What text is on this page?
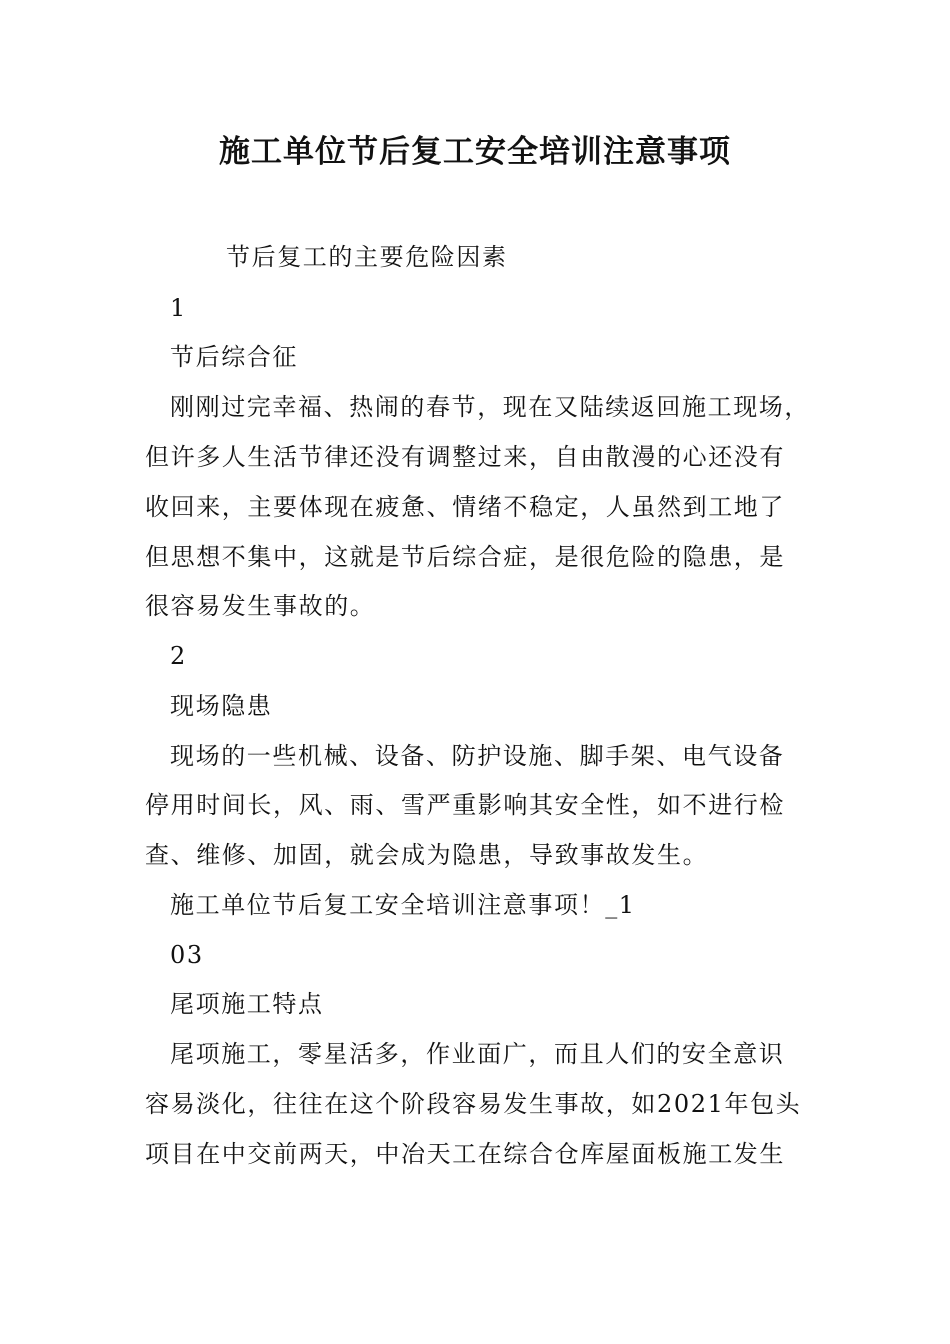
施工单位节后复工安全培训注意事项
节后复工的主要危险因素
1
节后综合征
刚刚过完幸福、热闹的春节，现在又陆续返回施工现场，
但许多人生活节律还没有调整过来，自由散漫的心还没有
收回来，主要体现在疲惫、情绪不稳定，人虽然到工地了
但思想不集中，这就是节后综合症，是很危险的隐患，是
很容易发生事故的。
2
现场隐患
现场的一些机械、设备、防护设施、脚手架、电气设备
停用时间长，风、雨、雪严重影响其安全性，如不进行检
查、维修、加固，就会成为隐患，导致事故发生。
施工单位节后复工安全培训注意事项！_1
03
尾项施工特点
尾项施工，零星活多，作业面广，而且人们的安全意识
容易淡化，往往在这个阶段容易发生事故，如2021年包头
项目在中交前两天，中冶天工在综合仓库屋面板施工发生
